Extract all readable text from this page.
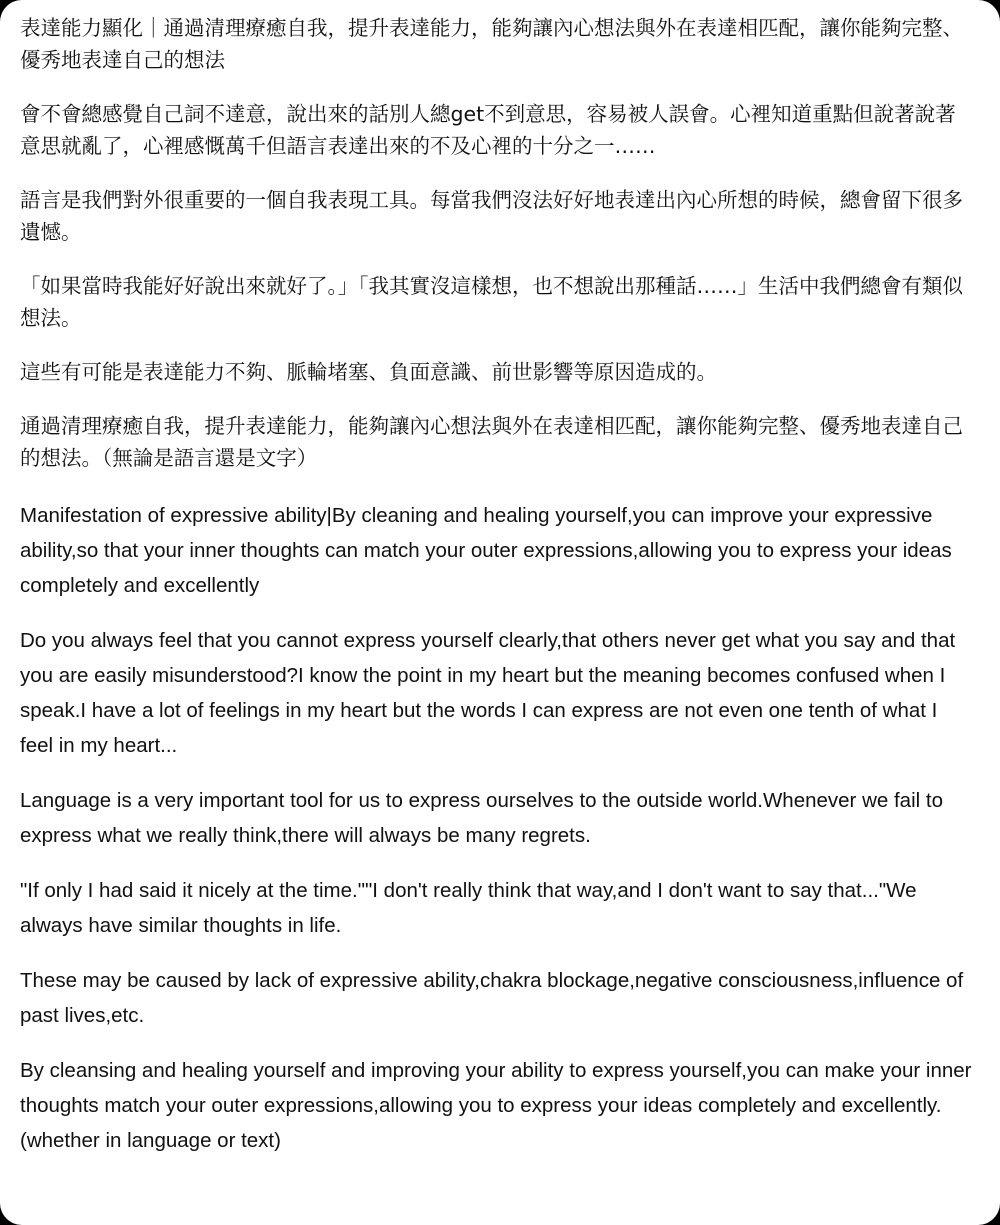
表達能力顯化｜通過清理療癒自我，提升表達能力，能夠讓內心想法與外在表達相匹配，讓你能夠完整、優秀地表達自己的想法

會不會總感覺自己詞不達意，說出來的話別人總get不到意思，容易被人誤會。心裡知道重點但說著說著意思就亂了，心裡感慨萬千但語言表達出來的不及心裡的十分之一……

語言是我們對外很重要的一個自我表現工具。每當我們沒法好好地表達出內心所想的時候，總會留下很多遺憾。

「如果當時我能好好說出來就好了。」「我其實沒這樣想，也不想說出那種話……」生活中我們總會有類似想法。

這些有可能是表達能力不夠、脈輪堵塞、負面意識、前世影響等原因造成的。

通過清理療癒自我，提升表達能力，能夠讓內心想法與外在表達相匹配，讓你能夠完整、優秀地表達自己的想法。（無論是語言還是文字）

Manifestation of expressive ability|By cleaning and healing yourself,you can improve your expressive ability,so that your inner thoughts can match your outer expressions,allowing you to express your ideas completely and excellently

Do you always feel that you cannot express yourself clearly,that others never get what you say and that you are easily misunderstood?I know the point in my heart but the meaning becomes confused when I speak.I have a lot of feelings in my heart but the words I can express are not even one tenth of what I feel in my heart...

Language is a very important tool for us to express ourselves to the outside world.Whenever we fail to express what we really think,there will always be many regrets.

"If only I had said it nicely at the time.""I don't really think that way,and I don't want to say that..."We always have similar thoughts in life.

These may be caused by lack of expressive ability,chakra blockage,negative consciousness,influence of past lives,etc.

By cleansing and healing yourself and improving your ability to express yourself,you can make your inner thoughts match your outer expressions,allowing you to express your ideas completely and excellently.(whether in language or text)
